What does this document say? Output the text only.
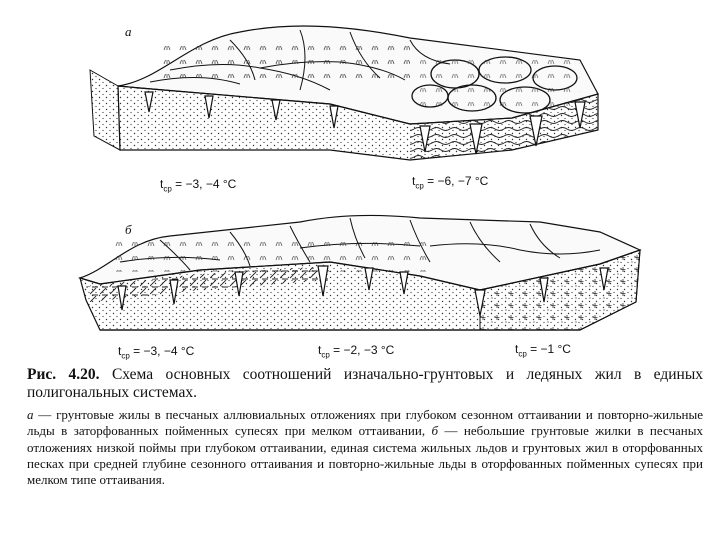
а
$t_{ср} = -3$, −4 °C	$t_{ср} = -6$, −7 °C
б
$t_{ср} = -3$, −4 °C	$t_{ср} = -2$, −3 °C	$t_{ср} = -1$ °C

Рис. 4.20. Схема основных соотношений изначально-грунтовых и ледяных жил в единых полигональных системах.

а — грунтовые жилы в песчаных аллювиальных отложениях при глубоком сезонном оттаивании и повторно-жильные льды в заторфованных пойменных супесях при мелком оттаивании, б — небольшие грунтовые жилки в песчаных отложениях низкой поймы при глубоком оттаивании, единая система жильных льдов и грунтовых жил в оторфованных песках при средней глубине сезонного оттаивания и повторно-жильные льды в оторфованных пойменных супесях при мелком типе оттаивания.
